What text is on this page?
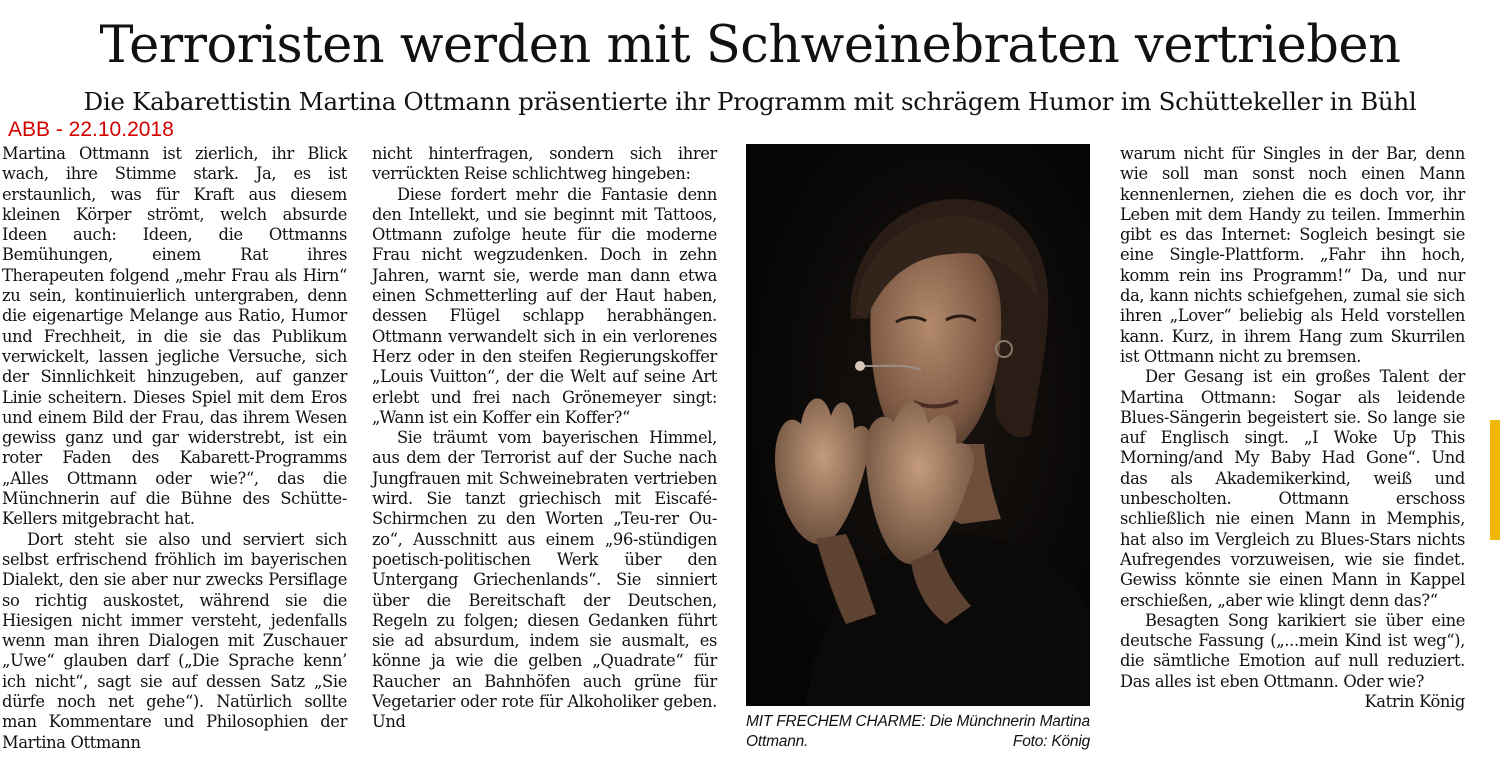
Terroristen werden mit Schweinebraten vertrieben
Die Kabarettistin Martina Ottmann präsentierte ihr Programm mit schrägem Humor im Schüttekeller in Bühl
ABB - 22.10.2018

Martina Ottmann ist zierlich, ihr Blick wach, ihre Stimme stark. Ja, es ist erstaunlich, was für Kraft aus diesem kleinen Körper strömt, welch absurde Ideen auch: Ideen, die Ottmanns Bemühungen, einem Rat ihres Therapeuten folgend „mehr Frau als Hirn“ zu sein, kontinuierlich untergraben, denn die eigenartige Melange aus Ratio, Humor und Frechheit, in die sie das Publikum verwickelt, lassen jegliche Versuche, sich der Sinnlichkeit hinzugeben, auf ganzer Linie scheitern. Dieses Spiel mit dem Eros und einem Bild der Frau, das ihrem Wesen gewiss ganz und gar widerstrebt, ist ein roter Faden des Kabarett-Programms „Alles Ottmann oder wie?“, das die Münchnerin auf die Bühne des Schütte-Kellers mitgebracht hat.

Dort steht sie also und serviert sich selbst erfrischend fröhlich im bayerischen Dialekt, den sie aber nur zwecks Persiflage so richtig auskostet, während sie die Hiesigen nicht immer versteht, jedenfalls wenn man ihren Dialogen mit Zuschauer „Uwe“ glauben darf („Die Sprache kenn’ ich nicht“, sagt sie auf dessen Satz „Sie dürfe noch net gehe“). Natürlich sollte man Kommentare und Philosophien der Martina Ottmann

nicht hinterfragen, sondern sich ihrer verrückten Reise schlichtweg hingeben:

Diese fordert mehr die Fantasie denn den Intellekt, und sie beginnt mit Tattoos, Ottmann zufolge heute für die moderne Frau nicht wegzudenken. Doch in zehn Jahren, warnt sie, werde man dann etwa einen Schmetterling auf der Haut haben, dessen Flügel schlapp herabhängen. Ottmann verwandelt sich in ein verlorenes Herz oder in den steifen Regierungskoffer „Louis Vuitton“, der die Welt auf seine Art erlebt und frei nach Grönemeyer singt: „Wann ist ein Koffer ein Koffer?“

Sie träumt vom bayerischen Himmel, aus dem der Terrorist auf der Suche nach Jungfrauen mit Schweinebraten vertrieben wird. Sie tanzt griechisch mit Eiscafé-Schirmchen zu den Worten „Teu-rer Ou-zo“, Ausschnitt aus einem „96-stündigen poetisch-politischen Werk über den Untergang Griechenlands“. Sie sinniert über die Bereitschaft der Deutschen, Regeln zu folgen; diesen Gedanken führt sie ad absurdum, indem sie ausmalt, es könne ja wie die gelben „Quadrate“ für Raucher an Bahnhöfen auch grüne für Vegetarier oder rote für Alkoholiker geben. Und	MIT FRECHEM CHARME: Die Münchnerin Martina Ottmann.	Foto: König

warum nicht für Singles in der Bar, denn wie soll man sonst noch einen Mann kennenlernen, ziehen die es doch vor, ihr Leben mit dem Handy zu teilen. Immerhin gibt es das Internet: Sogleich besingt sie eine Single-Plattform. „Fahr ihn hoch, komm rein ins Programm!“ Da, und nur da, kann nichts schiefgehen, zumal sie sich ihren „Lover“ beliebig als Held vorstellen kann. Kurz, in ihrem Hang zum Skurrilen ist Ottmann nicht zu bremsen.

Der Gesang ist ein großes Talent der Martina Ottmann: Sogar als leidende Blues-Sängerin begeistert sie. So lange sie auf Englisch singt. „I Woke Up This Morning/and My Baby Had Gone“. Und das als Akademikerkind, weiß und unbescholten. Ottmann erschoss schließlich nie einen Mann in Memphis, hat also im Vergleich zu Blues-Stars nichts Aufregendes vorzuweisen, wie sie findet. Gewiss könnte sie einen Mann in Kappel erschießen, „aber wie klingt denn das?“

Besagten Song karikiert sie über eine deutsche Fassung („...mein Kind ist weg“), die sämtliche Emotion auf null reduziert. Das alles ist eben Ottmann. Oder wie?

Katrin König
